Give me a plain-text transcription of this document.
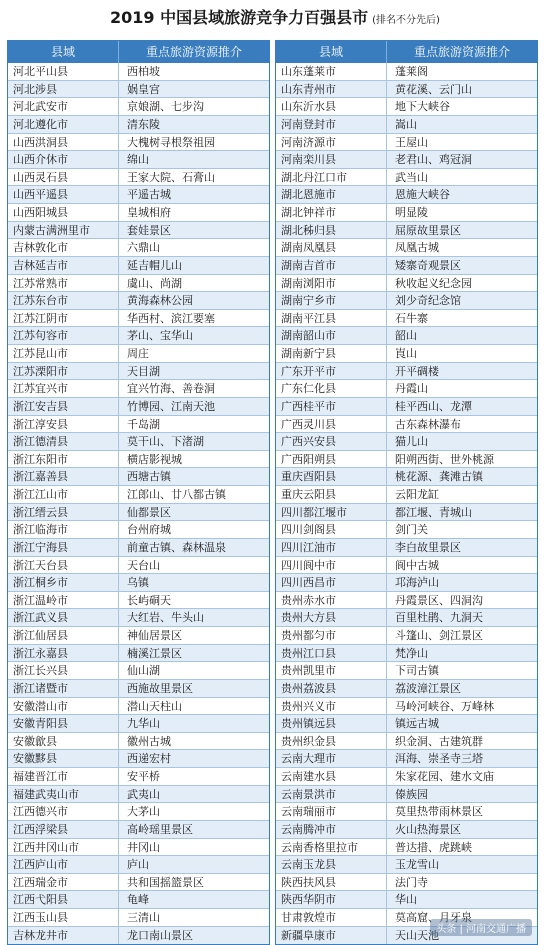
2019 中国县域旅游竞争力百强县市 (排名不分先后)
县域	重点旅游资源推介
河北平山县	西柏坡
河北涉县	娲皇宫
河北武安市	京娘湖、七步沟
河北遵化市	清东陵
山西洪洞县	大槐树寻根祭祖园
山西介休市	绵山
山西灵石县	王家大院、石膏山
山西平遥县	平遥古城
山西阳城县	皇城相府
内蒙古满洲里市	套娃景区
吉林敦化市	六鼎山
吉林延吉市	延吉帽儿山
江苏常熟市	虞山、尚湖
江苏东台市	黄海森林公园
江苏江阴市	华西村、滨江要塞
江苏句容市	茅山、宝华山
江苏昆山市	周庄
江苏溧阳市	天目湖
江苏宜兴市	宜兴竹海、善卷洞
浙江安吉县	竹博园、江南天池
浙江淳安县	千岛湖
浙江德清县	莫干山、下渚湖
浙江东阳市	横店影视城
浙江嘉善县	西塘古镇
浙江江山市	江郎山、廿八都古镇
浙江缙云县	仙都景区
浙江临海市	台州府城
浙江宁海县	前童古镇、森林温泉
浙江天台县	天台山
浙江桐乡市	乌镇
浙江温岭市	长屿硐天
浙江武义县	大红岩、牛头山
浙江仙居县	神仙居景区
浙江永嘉县	楠溪江景区
浙江长兴县	仙山湖
浙江诸暨市	西施故里景区
安徽潜山市	潜山天柱山
安徽青阳县	九华山
安徽歙县	徽州古城
安徽黟县	西递宏村
福建晋江市	安平桥
福建武夷山市	武夷山
江西德兴市	大茅山
江西浮梁县	高岭瑶里景区
江西井冈山市	井冈山
江西庐山市	庐山
江西瑞金市	共和国摇篮景区
江西弋阳县	龟峰
江西玉山县	三清山
吉林龙井市	龙口南山景区
县域	重点旅游资源推介
山东蓬莱市	蓬莱阁
山东青州市	黄花溪、云门山
山东沂水县	地下大峡谷
河南登封市	嵩山
河南济源市	王屋山
河南栾川县	老君山、鸡冠洞
湖北丹江口市	武当山
湖北恩施市	恩施大峡谷
湖北钟祥市	明显陵
湖北秭归县	屈原故里景区
湖南凤凰县	凤凰古城
湖南吉首市	矮寨奇观景区
湖南浏阳市	秋收起义纪念园
湖南宁乡市	刘少奇纪念馆
湖南平江县	石牛寨
湖南韶山市	韶山
湖南新宁县	崀山
广东开平市	开平碉楼
广东仁化县	丹霞山
广西桂平市	桂平西山、龙潭
广西灵川县	古东森林瀑布
广西兴安县	猫儿山
广西阳朔县	阳朔西街、世外桃源
重庆酉阳县	桃花源、龚滩古镇
重庆云阳县	云阳龙缸
四川都江堰市	都江堰、青城山
四川剑阁县	剑门关
四川江油市	李白故里景区
四川阆中市	阆中古城
四川西昌市	邛海泸山
贵州赤水市	丹霞景区、四洞沟
贵州大方县	百里杜鹃、九洞天
贵州都匀市	斗篷山、剑江景区
贵州江口县	梵净山
贵州凯里市	下司古镇
贵州荔波县	荔波漳江景区
贵州兴义市	马岭河峡谷、万峰林
贵州镇远县	镇远古城
贵州织金县	织金洞、古建筑群
云南大理市	洱海、崇圣寺三塔
云南建水县	朱家花园、建水文庙
云南景洪市	傣族园
云南瑞丽市	莫里热带雨林景区
云南腾冲市	火山热海景区
云南香格里拉市	普达措、虎跳峡
云南玉龙县	玉龙雪山
陕西扶风县	法门寺
陕西华阴市	华山
甘肃敦煌市	莫高窟、月牙泉
新疆阜康市	天山天池
头条 | 河南交通广播
